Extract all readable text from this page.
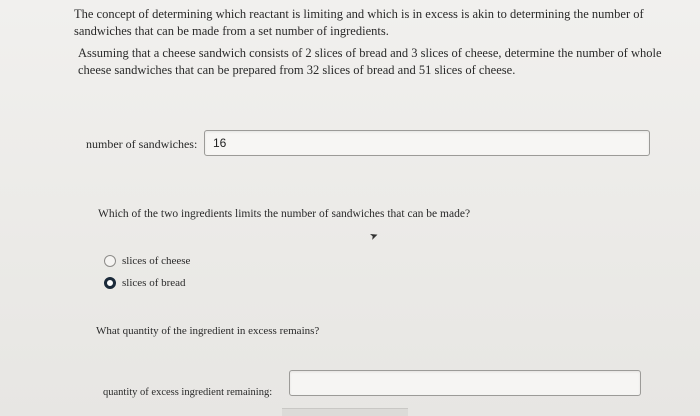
The concept of determining which reactant is limiting and which is in excess is akin to determining the number of sandwiches that can be made from a set number of ingredients.

Assuming that a cheese sandwich consists of 2 slices of bread and 3 slices of cheese, determine the number of whole cheese sandwiches that can be prepared from 32 slices of bread and 51 slices of cheese.

number of sandwiches:	16

Which of the two ingredients limits the number of sandwiches that can be made?

➤
slices of cheese
slices of bread

What quantity of the ingredient in excess remains?

quantity of excess ingredient remaining:
